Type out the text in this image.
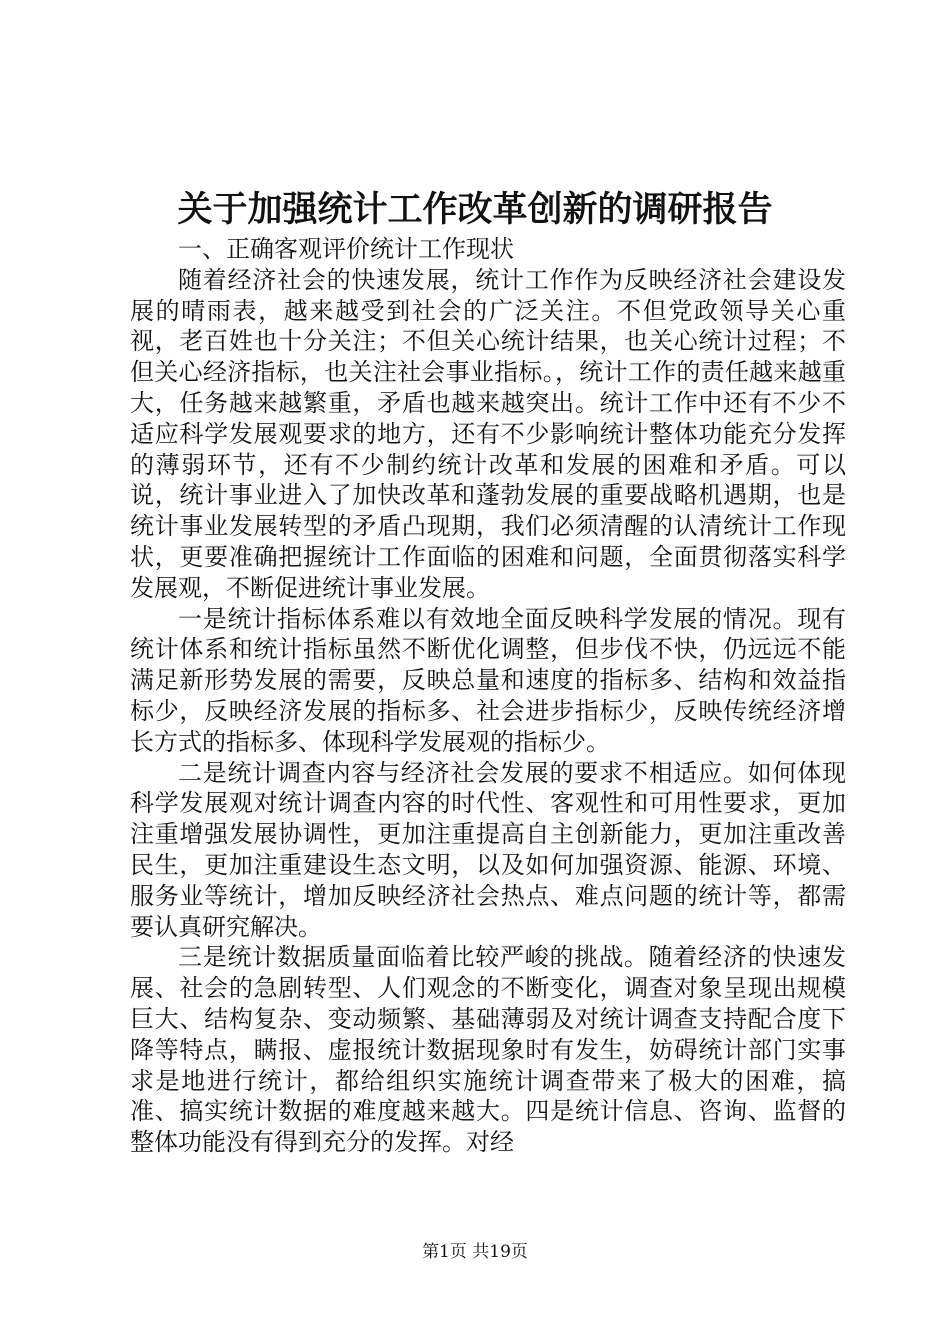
关于加强统计工作改革创新的调研报告

一、正确客观评价统计工作现状

随着经济社会的快速发展，统计工作作为反映经济社会建设发展的晴雨表，越来越受到社会的广泛关注。不但党政领导关心重视，老百姓也十分关注；不但关心统计结果，也关心统计过程；不但关心经济指标，也关注社会事业指标。，统计工作的责任越来越重大，任务越来越繁重，矛盾也越来越突出。统计工作中还有不少不适应科学发展观要求的地方，还有不少影响统计整体功能充分发挥的薄弱环节，还有不少制约统计改革和发展的困难和矛盾。可以说，统计事业进入了加快改革和蓬勃发展的重要战略机遇期，也是统计事业发展转型的矛盾凸现期，我们必须清醒的认清统计工作现状，更要准确把握统计工作面临的困难和问题，全面贯彻落实科学发展观，不断促进统计事业发展。

一是统计指标体系难以有效地全面反映科学发展的情况。现有统计体系和统计指标虽然不断优化调整，但步伐不快，仍远远不能满足新形势发展的需要，反映总量和速度的指标多、结构和效益指标少，反映经济发展的指标多、社会进步指标少，反映传统经济增长方式的指标多、体现科学发展观的指标少。

二是统计调查内容与经济社会发展的要求不相适应。如何体现科学发展观对统计调查内容的时代性、客观性和可用性要求，更加注重增强发展协调性，更加注重提高自主创新能力，更加注重改善民生，更加注重建设生态文明，以及如何加强资源、能源、环境、服务业等统计，增加反映经济社会热点、难点问题的统计等，都需要认真研究解决。

三是统计数据质量面临着比较严峻的挑战。随着经济的快速发展、社会的急剧转型、人们观念的不断变化，调查对象呈现出规模巨大、结构复杂、变动频繁、基础薄弱及对统计调查支持配合度下降等特点，瞒报、虚报统计数据现象时有发生，妨碍统计部门实事求是地进行统计，都给组织实施统计调查带来了极大的困难，搞准、搞实统计数据的难度越来越大。四是统计信息、咨询、监督的整体功能没有得到充分的发挥。对经

第1页 共19页
